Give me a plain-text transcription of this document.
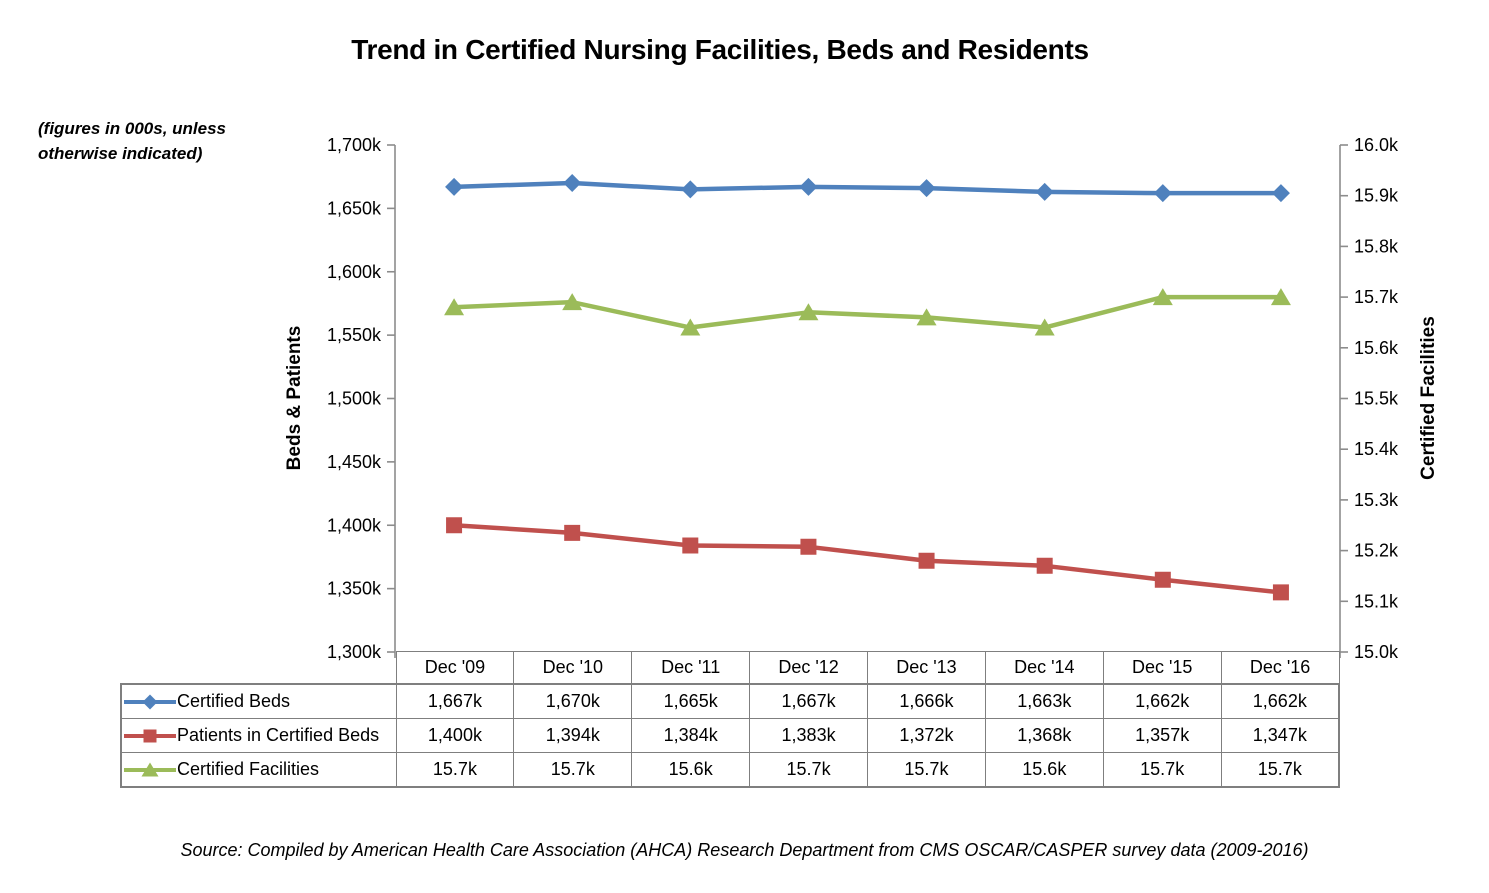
Trend in Certified Nursing Facilities, Beds and Residents
(figures in 000s, unless
otherwise indicated)	1,700k
1,650k
1,600k
1,550k
1,500k
1,450k
1,400k
1,350k
1,300k
16.0k
15.9k
15.8k
15.7k
15.6k
15.5k
15.4k
15.3k
15.2k
15.1k
15.0k
Beds & Patients	Certified Facilities
	Dec '09	Dec '10	Dec '11	Dec '12	Dec '13	Dec '14	Dec '15	Dec '16

Certified Beds	1,667k	1,670k	1,665k	1,667k	1,666k	1,663k	1,662k	1,662k

Patients in Certified Beds	1,400k	1,394k	1,384k	1,383k	1,372k	1,368k	1,357k	1,347k

Certified Facilities	15.7k	15.7k	15.6k	15.7k	15.7k	15.6k	15.7k	15.7k
Source: Compiled by American Health Care Association (AHCA) Research Department from CMS OSCAR/CASPER survey data (2009-2016)
